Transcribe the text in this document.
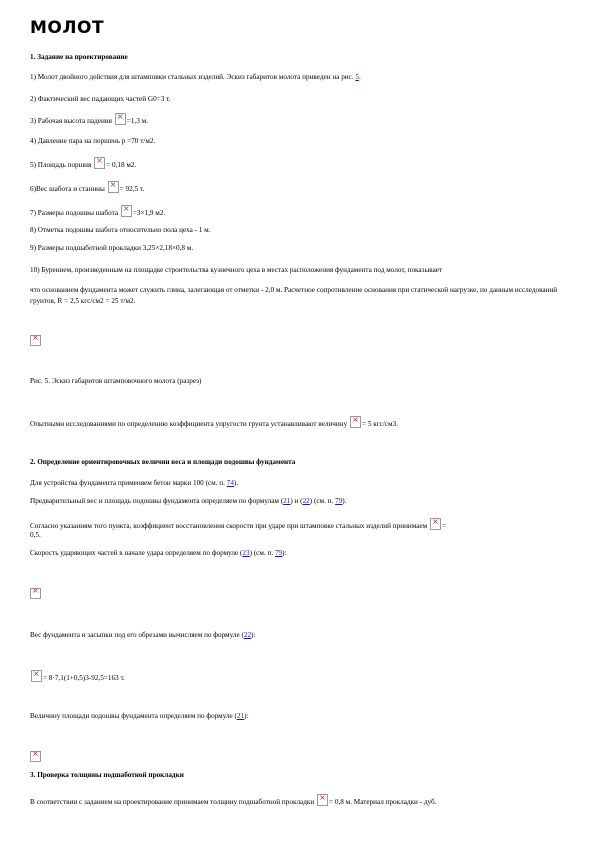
МОЛОТ
1. Задание на проектирование
1) Молот двойного действия для штамповки стальных изделий. Эскиз габаритов молота приведен на рис. 5.
2) Фактический вес падающих частей G0=3 т.
3) Рабочая высота падения ×=1,3 м.
4) Давление пара на поршень p =70 т/м2.
5) Площадь поршня ×= 0,18 м2.
6)Вес шабота и станины ×= 92,5 т.
7) Размеры подошвы шабота ×=3×1,9 м2.
8) Отметка подошвы шабота относительно пола цеха - 1 м.
9) Размеры подшаботной прокладки 3,25×2,18×0,8 м.
10) Бурением, произведенным на площадке строительства кузнечного цеха в местах расположения фундамента под молот, показывает
что основанием фундамента может служить глина, залегающая от отметки - 2,0 м. Расчетное сопротивление основания при статической нагрузке, по данным исследований грунтов, R = 2,5 кгс/см2 = 25 т/м2.
×
Рис. 5. Эскиз габаритов штамповочного молота (разрез)
Опытными исследованиями по определению коэффициента упругости грунта устанавливают величину ×= 5 кгс/см3.
2. Определение ориентировочных величин веса и площади подошвы фундамента
Для устройства фундамента применяем бетон марки 100 (см. п. 74).
Предварительный вес и площадь подошвы фундамента определяем по формулам (21) и (22) (см. п. 79).
Согласно указаниям того пункта, коэффициент восстановления скорости при ударе при штамповке стальных изделий принимаем ×=
0,5.
Скорость ударяющих частей в начале удара определяем по формуле (23) (см. п. 79):
×
Вес фундамента и засыпки под его обрезами вычисляем по формуле (22):
×= 8·7,1(1+0,5)3-92,5=163 т.
Величину площади подошвы фундамента определяем по формуле (21):
×
3. Проверка толщины подшаботной прокладки
В соответствии с заданием на проектирование принимаем толщину подшаботной прокладки ×= 0,8 м. Материал прокладки - дуб.
